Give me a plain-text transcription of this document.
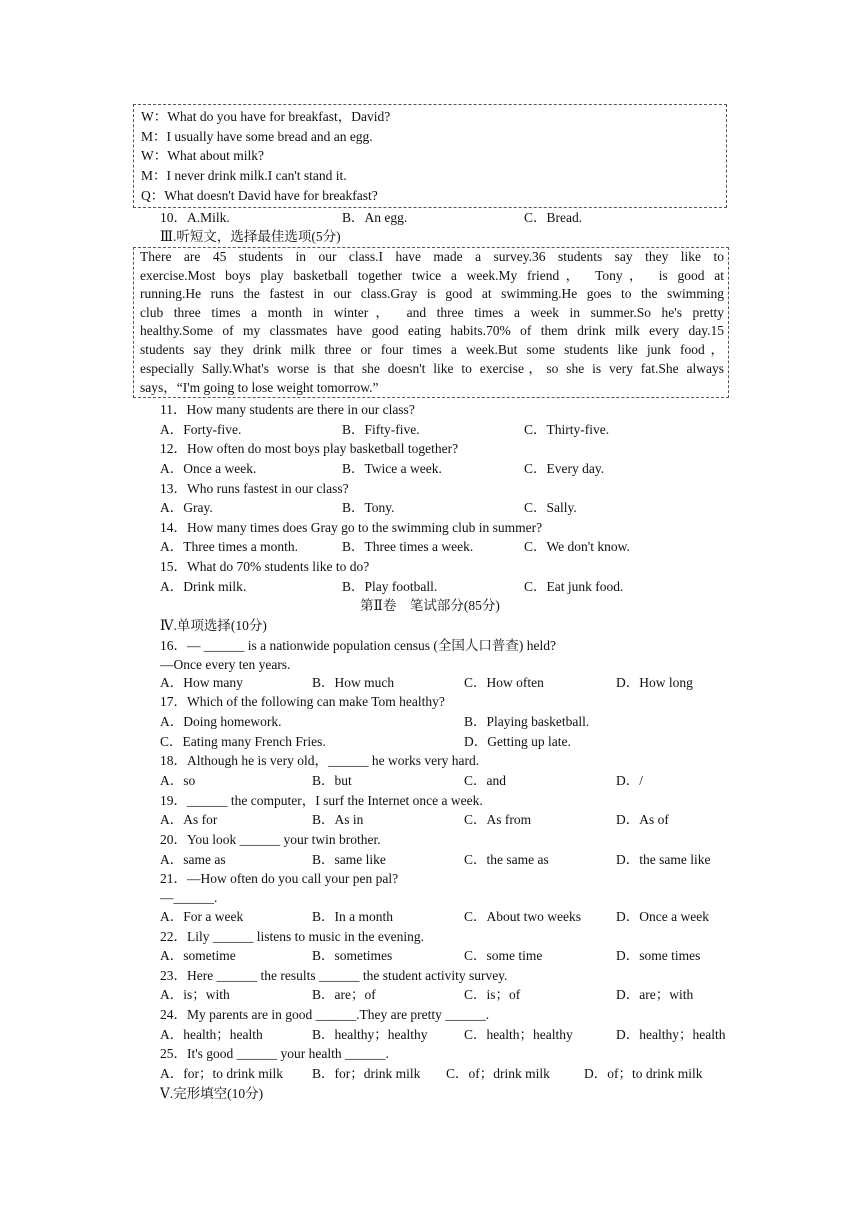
W：What do you have for breakfast，David?
M：I usually have some bread and an egg.
W：What about milk?
M：I never drink milk.I can't stand it.
Q：What doesn't David have for breakfast?
10．A.Milk.	B．An egg.	C．Bread.
Ⅲ.听短文，选择最佳选项(5分)
There are 45 students in our class.I have made a survey.36 students say they like to
exercise.Most boys play basketball together twice a week.My friend， Tony， is good at
running.He runs the fastest in our class.Gray is good at swimming.He goes to the swimming
club three times a month in winter， and three times a week in summer.So he's pretty
healthy.Some of my classmates have good eating habits.70% of them drink milk every day.15
students say they drink milk three or four times a week.But some students like junk food，
especially Sally.What's worse is that she doesn't like to exercise，so she is very fat.She always
says，“I'm going to lose weight tomorrow.”
11．How many students are there in our class?
A．Forty-five.	B．Fifty-five.	C．Thirty-five.
12．How often do most boys play basketball together?
A．Once a week.	B．Twice a week.	C．Every day.
13．Who runs fastest in our class?
A．Gray.	B．Tony.	C．Sally.
14．How many times does Gray go to the swimming club in summer?
A．Three times a month.	B．Three times a week.	C．We don't know.
15．What do 70% students like to do?
A．Drink milk.	B．Play football.	C．Eat junk food.
第Ⅱ卷　笔试部分(85分)
Ⅳ.单项选择(10分)
16．— ______ is a nationwide population census (全国人口普查) held?
—Once every ten years.
A．How many	B．How much	C．How often	D．How long
17．Which of the following can make Tom healthy?
A．Doing homework.	B．Playing basketball.
C．Eating many French Fries.	D．Getting up late.
18．Although he is very old，______ he works very hard.
A．so	B．but	C．and	D．/
19．______ the computer，I surf the Internet once a week.
A．As for	B．As in	C．As from	D．As of
20．You look ______ your twin brother.
A．same as	B．same like	C．the same as	D．the same like
21．—How often do you call your pen pal?
—______.
A．For a week	B．In a month	C．About two weeks	D．Once a week
22．Lily ______ listens to music in the evening.
A．sometime	B．sometimes	C．some time	D．some times
23．Here ______ the results ______ the student activity survey.
A．is；with	B．are；of	C．is；of	D．are；with
24．My parents are in good ______.They are pretty ______.
A．health；health	B．healthy；healthy	C．health；healthy	D．healthy；health
25．It's good ______ your health ______.
A．for；to drink milk B．for；drink milk C．of；drink milk	D．of；to drink milk
Ⅴ.完形填空(10分)
